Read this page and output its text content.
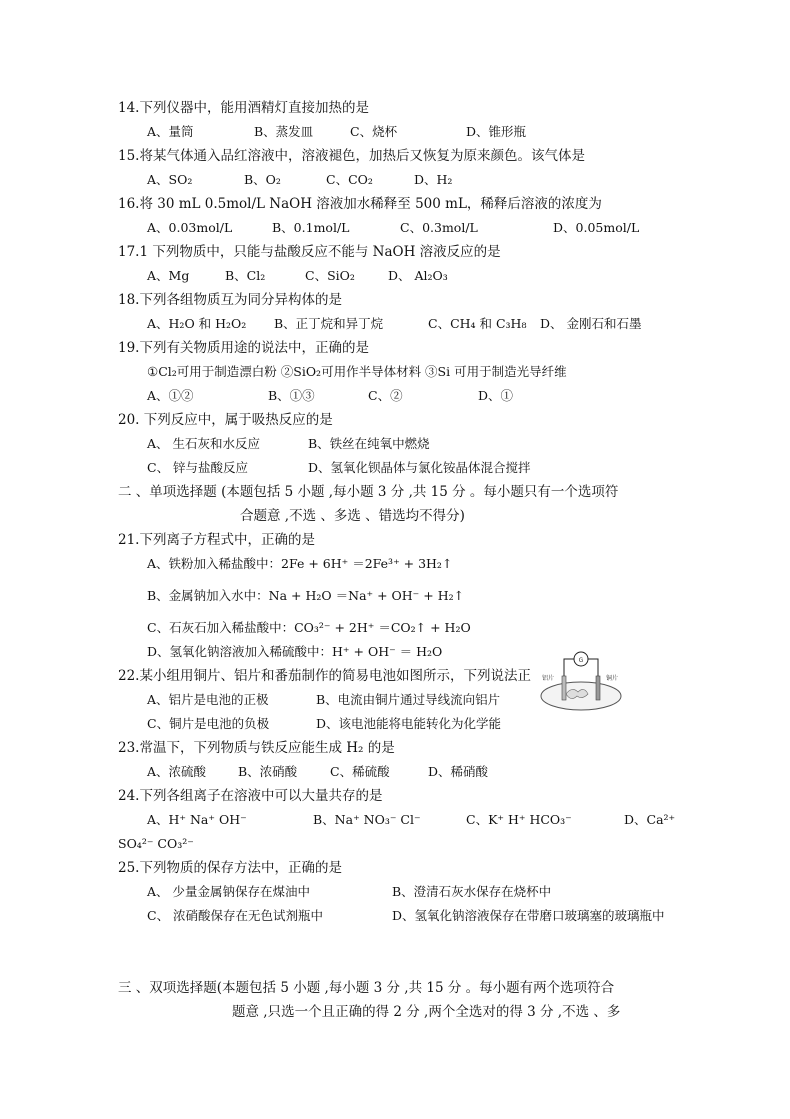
14.下列仪器中，能用酒精灯直接加热的是
A、量筒	B、蒸发皿	C、烧杯	D、锥形瓶
15.将某气体通入品红溶液中，溶液褪色，加热后又恢复为原来颜色。该气体是
A、SO₂	B、O₂	C、CO₂	D、H₂
16.将 30 mL 0.5mol/L NaOH 溶液加水稀释至 500 mL，稀释后溶液的浓度为
A、0.03mol/L	B、0.1mol/L	C、0.3mol/L	D、0.05mol/L
17.1 下列物质中，只能与盐酸反应不能与 NaOH 溶液反应的是
A、Mg	B、Cl₂	C、SiO₂	D、 Al₂O₃
18.下列各组物质互为同分异构体的是
A、H₂O 和 H₂O₂ B、正丁烷和异丁烷	C、CH₄ 和 C₃H₈ D、 金刚石和石墨
19.下列有关物质用途的说法中，正确的是
①Cl₂可用于制造漂白粉 ②SiO₂可用作半导体材料 ③Si 可用于制造光导纤维
A、①②	B、①③	C、②	D、①
20. 下列反应中，属于吸热反应的是
A、 生石灰和水反应	B、铁丝在纯氧中燃烧
C、 锌与盐酸反应	D、氢氧化钡晶体与氯化铵晶体混合搅拌
二 、单项选择题 (本题包括 5 小题 ,每小题 3 分 ,共 15 分 。每小题只有一个选项符
合题意 ,不选 、多选 、错选均不得分)
21.下列离子方程式中，正确的是
A、铁粉加入稀盐酸中：2Fe + 6H⁺ ＝2Fe³⁺ + 3H₂↑
B、金属钠加入水中：Na + H₂O ＝Na⁺ + OH⁻ + H₂↑
C、石灰石加入稀盐酸中：CO₃²⁻ + 2H⁺ ＝CO₂↑ + H₂O
D、氢氧化钠溶液加入稀硫酸中：H⁺ + OH⁻ ＝ H₂O
22.某小组用铜片、铝片和番茄制作的简易电池如图所示，下列说法正
A、铝片是电池的正极	B、电流由铜片通过导线流向铝片
C、铜片是电池的负极	D、该电池能将电能转化为化学能
G
铝片	铜片
23.常温下，下列物质与铁反应能生成 H₂ 的是
A、浓硫酸	B、浓硝酸	C、稀硫酸	D、稀硝酸
24.下列各组离子在溶液中可以大量共存的是
A、H⁺ Na⁺ OH⁻	B、Na⁺ NO₃⁻ Cl⁻	C、K⁺ H⁺ HCO₃⁻	D、Ca²⁺
SO₄²⁻ CO₃²⁻
25.下列物质的保存方法中，正确的是
A、 少量金属钠保存在煤油中	B、澄清石灰水保存在烧杯中
C、 浓硝酸保存在无色试剂瓶中	D、氢氧化钠溶液保存在带磨口玻璃塞的玻璃瓶中
三 、双项选择题(本题包括 5 小题 ,每小题 3 分 ,共 15 分 。每小题有两个选项符合
题意 ,只选一个且正确的得 2 分 ,两个全选对的得 3 分 ,不选 、多
